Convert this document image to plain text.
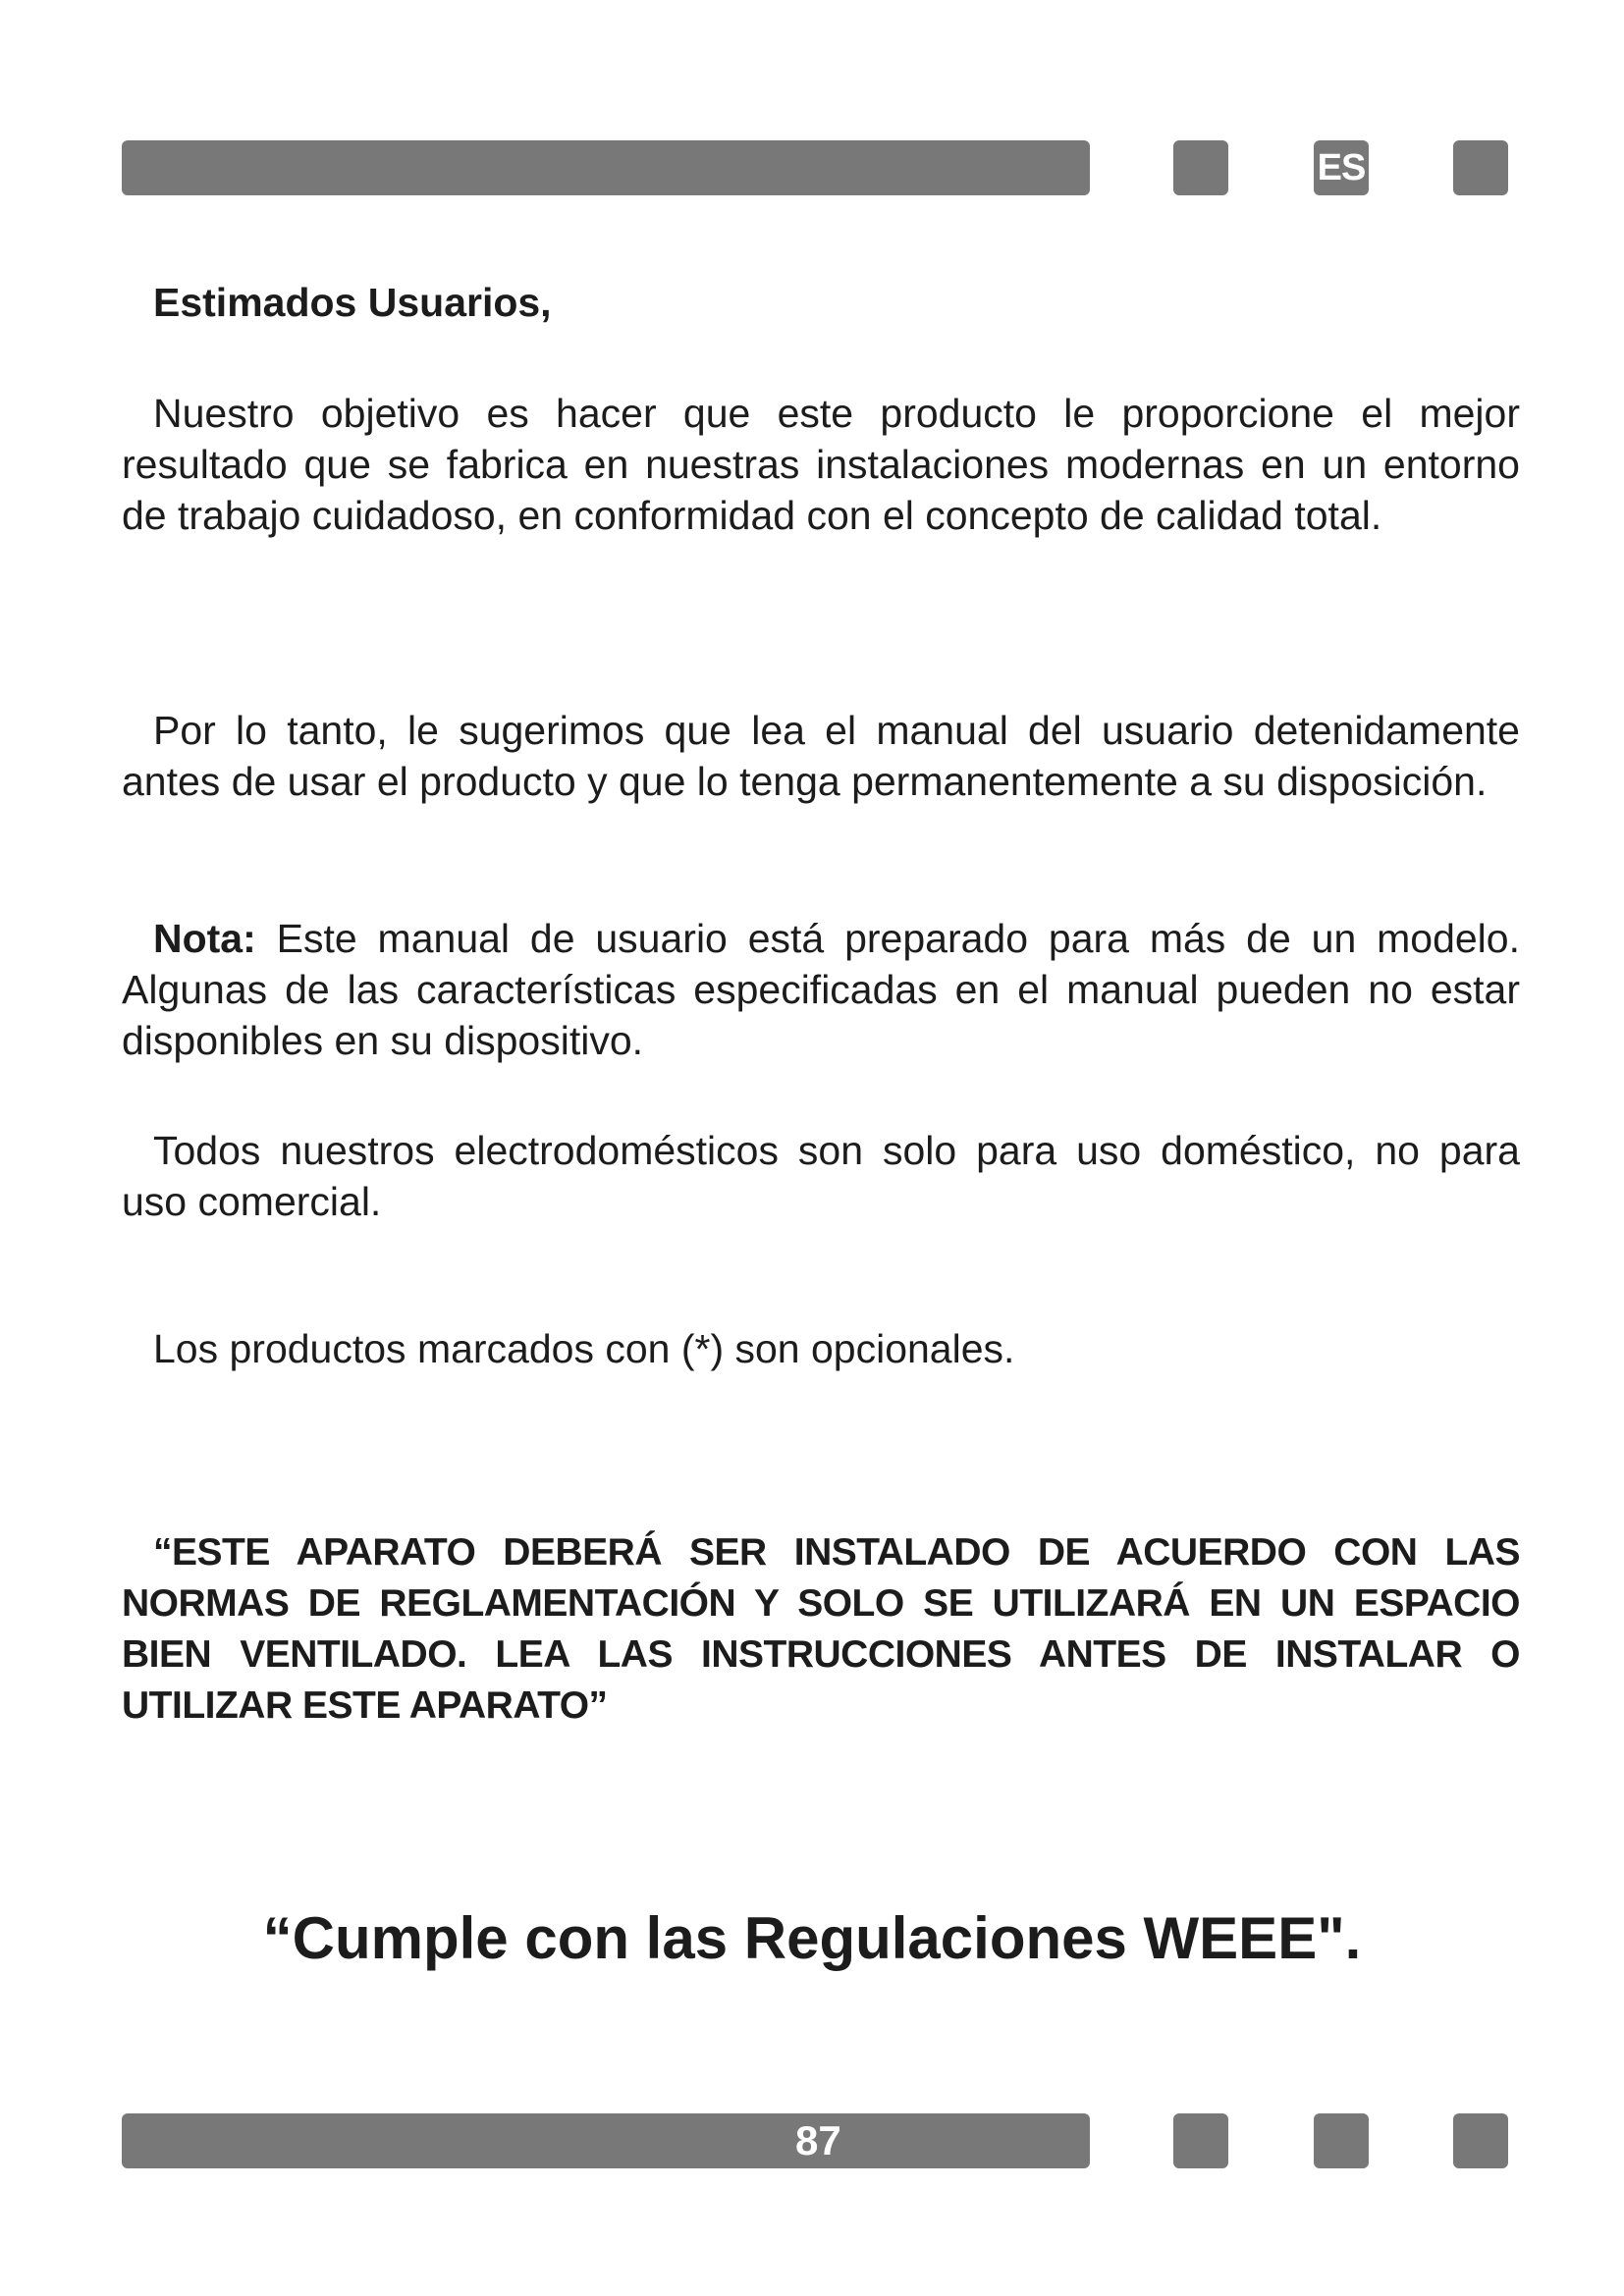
ES
Estimados Usuarios,
Nuestro objetivo es hacer que este producto le proporcione el mejor resultado que se fabrica en nuestras instalaciones modernas en un entorno de trabajo cuidadoso, en conformidad con el concepto de calidad total.
Por lo tanto, le sugerimos que lea el manual del usuario detenidamente antes de usar el producto y que lo tenga permanentemente a su disposición.
Nota: Este manual de usuario está preparado para más de un modelo. Algunas de las características especificadas en el manual pueden no estar disponibles en su dispositivo.
Todos nuestros electrodomésticos son solo para uso doméstico, no para uso comercial.
Los productos marcados con (*) son opcionales.
“ESTE APARATO DEBERÁ SER INSTALADO DE ACUERDO CON LAS NORMAS DE REGLAMENTACIÓN Y SOLO SE UTILIZARÁ EN UN ESPACIO BIEN VENTILADO. LEA LAS INSTRUCCIONES ANTES DE INSTALAR O UTILIZAR ESTE APARATO”
“Cumple con las Regulaciones WEEE".
87
